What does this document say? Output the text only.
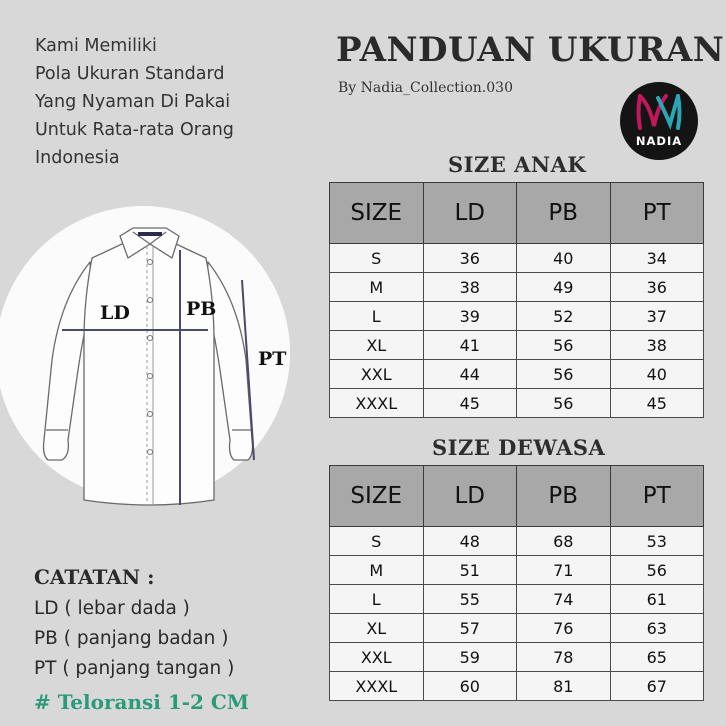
Kami Memiliki
Pola Ukuran Standard
Yang Nyaman Di Pakai
Untuk Rata-rata Orang
Indonesia
PANDUAN UKURAN
By Nadia_Collection.030
NADIA
LD	PB
PT
SIZE ANAK
SIZE	LD	PB	PT
S	36	40	34
M	38	49	36
L	39	52	37
XL	41	56	38
XXL	44	56	40
XXXL	45	56	45
SIZE DEWASA
SIZE	LD	PB	PT
S	48	68	53
M	51	71	56
L	55	74	61
XL	57	76	63
XXL	59	78	65
XXXL	60	81	67
CATATAN :
LD ( lebar dada )
PB ( panjang badan )
PT ( panjang tangan )
# Teloransi 1-2 CM
